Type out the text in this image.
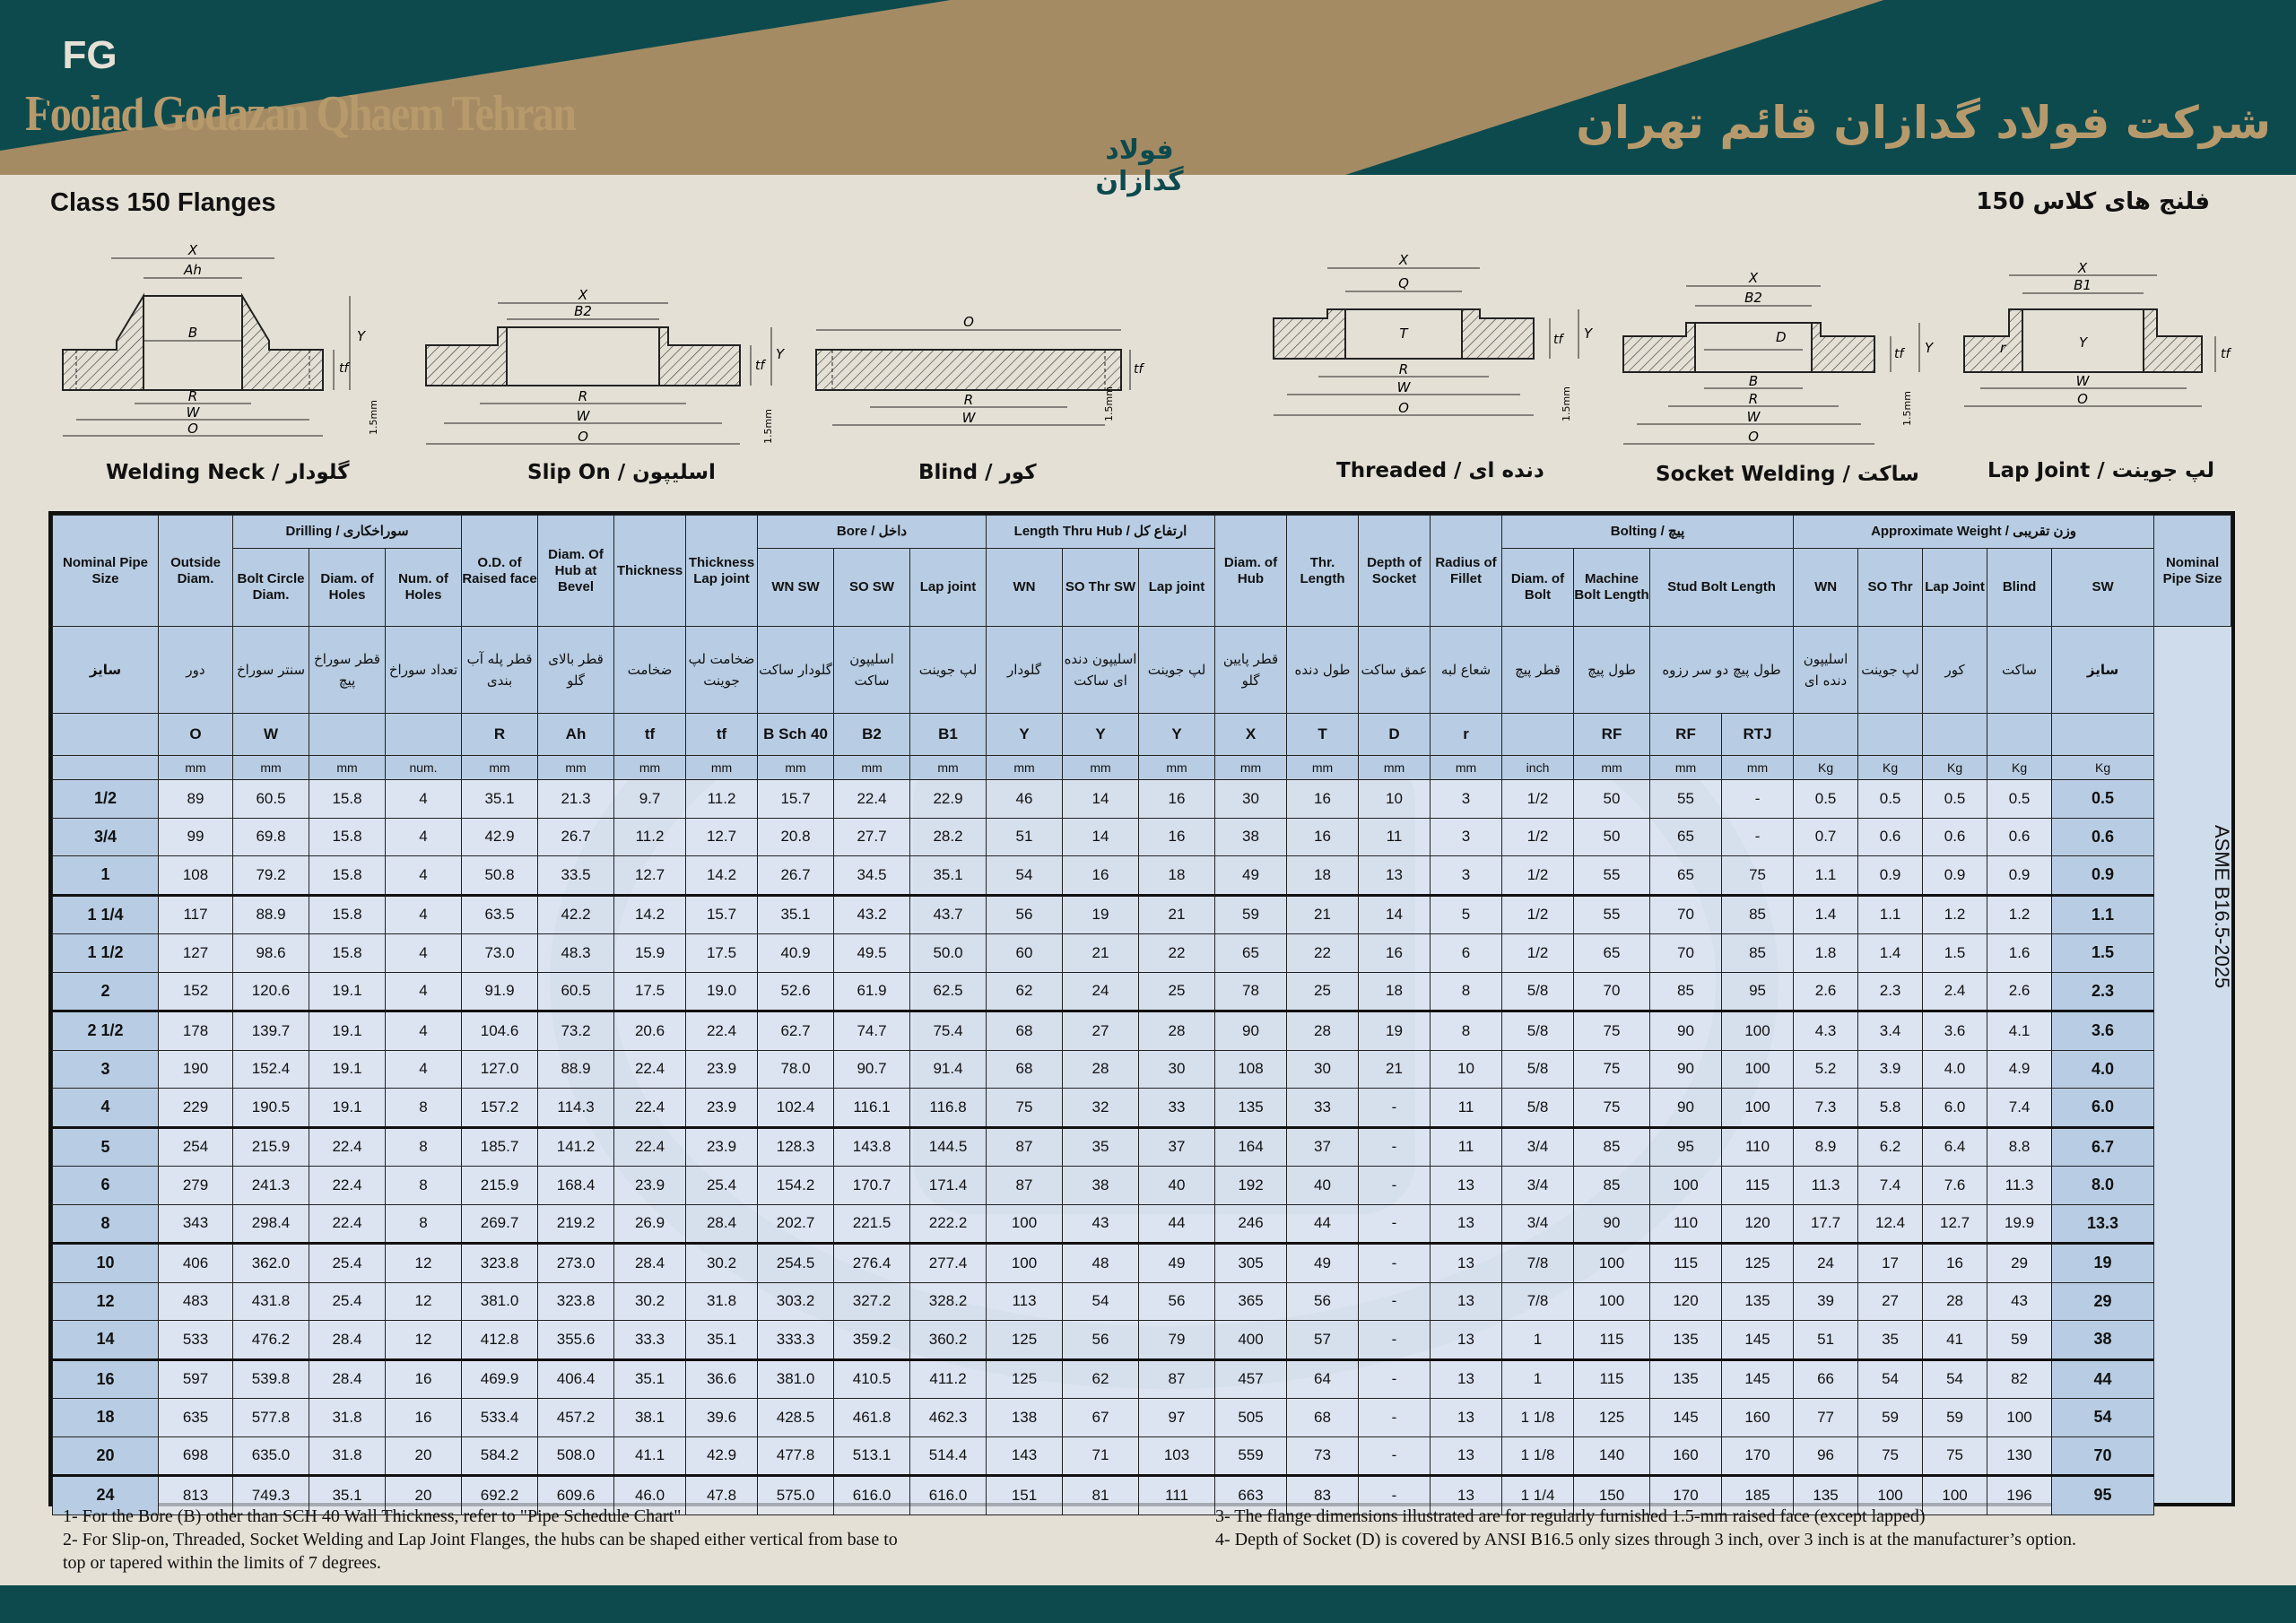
Foolad Godazan Qhaem Tehran	شرکت فولاد گدازان قائم تهران
FG
فولاد گدازان
Class 150 Flanges	فلنج های کلاس 150
X
Ah
B
R
W
O
Y
tf
1.5mm
Welding Neck / گلودار
X
B2
R
W
O
Y
tf
1.5mm
Slip On / اسلیپون
O
R
W
tf
1.5mm
Blind / کور
X
Q
T
R
W
O
Y
tf
1.5mm
Threaded / دنده ای
X
B2
D
B
R
W
O
Y
tf
1.5mm
Socket Welding / ساکت
X
B1
r	Y
W
O
tf
Lap Joint / لپ جوینت
Nominal Pipe Size	Outside Diam.	Drilling / سوراخکاری			O.D. of Raised face	Diam. Of Hub at Bevel	Thickness	Thickness Lap joint	Bore / داخل			Length Thru Hub / ارتفاع کل			Diam. of Hub	Thr. Length	Depth of Socket	Radius of Fillet	Bolting / پیچ				Approximate Weight / وزن تقریبی					Nominal Pipe Size
		Bolt Circle Diam.	Diam. of Holes	Num. of Holes					WN SW	SO SW	Lap joint	WN	SO Thr SW	Lap joint					Diam. of Bolt	Machine Bolt Length	Stud Bolt Length		WN	SO Thr	Lap Joint	Blind	SW	
سایز	دور	سنتر سوراخ	قطر سوراخ پیچ	تعداد سوراخ	قطر پله آب بندی	قطر بالای گلو	ضخامت	ضخامت لپ جوینت	گلودار ساکت	اسلیپون ساکت	لپ جوینت	گلودار	اسلیپون دنده ای ساکت	لپ جوینت	قطر پایین گلو	طول دنده	عمق ساکت	شعاع لبه	قطر پیچ	طول پیچ	طول پیچ دو سر رزوه		اسلیپون دنده ای	لپ جوینت	کور	ساکت	سایز	
	O	W			R	Ah	tf	tf	B Sch 40	B2	B1	Y	Y	Y	X	T	D	r		RF	RF	RTJ						
	mm	mm	mm	num.	mm	mm	mm	mm	mm	mm	mm	mm	mm	mm	mm	mm	mm	mm	inch	mm	mm	mm	Kg	Kg	Kg	Kg	Kg	
1/2	89	60.5	15.8	4	35.1	21.3	9.7	11.2	15.7	22.4	22.9	46	14	16	30	16	10	3	1/2	50	55	-	0.5	0.5	0.5	0.5	0.5	
3/4	99	69.8	15.8	4	42.9	26.7	11.2	12.7	20.8	27.7	28.2	51	14	16	38	16	11	3	1/2	50	65	-	0.7	0.6	0.6	0.6	0.6	
1	108	79.2	15.8	4	50.8	33.5	12.7	14.2	26.7	34.5	35.1	54	16	18	49	18	13	3	1/2	55	65	75	1.1	0.9	0.9	0.9	0.9	
1 1/4	117	88.9	15.8	4	63.5	42.2	14.2	15.7	35.1	43.2	43.7	56	19	21	59	21	14	5	1/2	55	70	85	1.4	1.1	1.2	1.2	1.1	
1 1/2	127	98.6	15.8	4	73.0	48.3	15.9	17.5	40.9	49.5	50.0	60	21	22	65	22	16	6	1/2	65	70	85	1.8	1.4	1.5	1.6	1.5	
2	152	120.6	19.1	4	91.9	60.5	17.5	19.0	52.6	61.9	62.5	62	24	25	78	25	18	8	5/8	70	85	95	2.6	2.3	2.4	2.6	2.3	
2 1/2	178	139.7	19.1	4	104.6	73.2	20.6	22.4	62.7	74.7	75.4	68	27	28	90	28	19	8	5/8	75	90	100	4.3	3.4	3.6	4.1	3.6	
3	190	152.4	19.1	4	127.0	88.9	22.4	23.9	78.0	90.7	91.4	68	28	30	108	30	21	10	5/8	75	90	100	5.2	3.9	4.0	4.9	4.0	
4	229	190.5	19.1	8	157.2	114.3	22.4	23.9	102.4	116.1	116.8	75	32	33	135	33	-	11	5/8	75	90	100	7.3	5.8	6.0	7.4	6.0	
5	254	215.9	22.4	8	185.7	141.2	22.4	23.9	128.3	143.8	144.5	87	35	37	164	37	-	11	3/4	85	95	110	8.9	6.2	6.4	8.8	6.7	
6	279	241.3	22.4	8	215.9	168.4	23.9	25.4	154.2	170.7	171.4	87	38	40	192	40	-	13	3/4	85	100	115	11.3	7.4	7.6	11.3	8.0	
8	343	298.4	22.4	8	269.7	219.2	26.9	28.4	202.7	221.5	222.2	100	43	44	246	44	-	13	3/4	90	110	120	17.7	12.4	12.7	19.9	13.3	
10	406	362.0	25.4	12	323.8	273.0	28.4	30.2	254.5	276.4	277.4	100	48	49	305	49	-	13	7/8	100	115	125	24	17	16	29	19	
12	483	431.8	25.4	12	381.0	323.8	30.2	31.8	303.2	327.2	328.2	113	54	56	365	56	-	13	7/8	100	120	135	39	27	28	43	29	
14	533	476.2	28.4	12	412.8	355.6	33.3	35.1	333.3	359.2	360.2	125	56	79	400	57	-	13	1	115	135	145	51	35	41	59	38	
16	597	539.8	28.4	16	469.9	406.4	35.1	36.6	381.0	410.5	411.2	125	62	87	457	64	-	13	1	115	135	145	66	54	54	82	44	
18	635	577.8	31.8	16	533.4	457.2	38.1	39.6	428.5	461.8	462.3	138	67	97	505	68	-	13	1 1/8	125	145	160	77	59	59	100	54	
20	698	635.0	31.8	20	584.2	508.0	41.1	42.9	477.8	513.1	514.4	143	71	103	559	73	-	13	1 1/8	140	160	170	96	75	75	130	70	
24	813	749.3	35.1	20	692.2	609.6	46.0	47.8	575.0	616.0	616.0	151	81	111	663	83	-	13	1 1/4	150	170	185	135	100	100	196	95	
ASME B16.5-2025
1- For the Bore (B) other than SCH 40 Wall Thickness, refer to "Pipe Schedule Chart"
2- For Slip-on, Threaded, Socket Welding and Lap Joint Flanges, the hubs can be shaped either vertical from base to
top or tapered within the limits of 7 degrees.
3- The flange dimensions illustrated are for regularly furnished 1.5-mm raised face (except lapped)
4- Depth of Socket (D) is covered by ANSI B16.5 only sizes through 3 inch, over 3 inch is at the manufacturer’s option.
